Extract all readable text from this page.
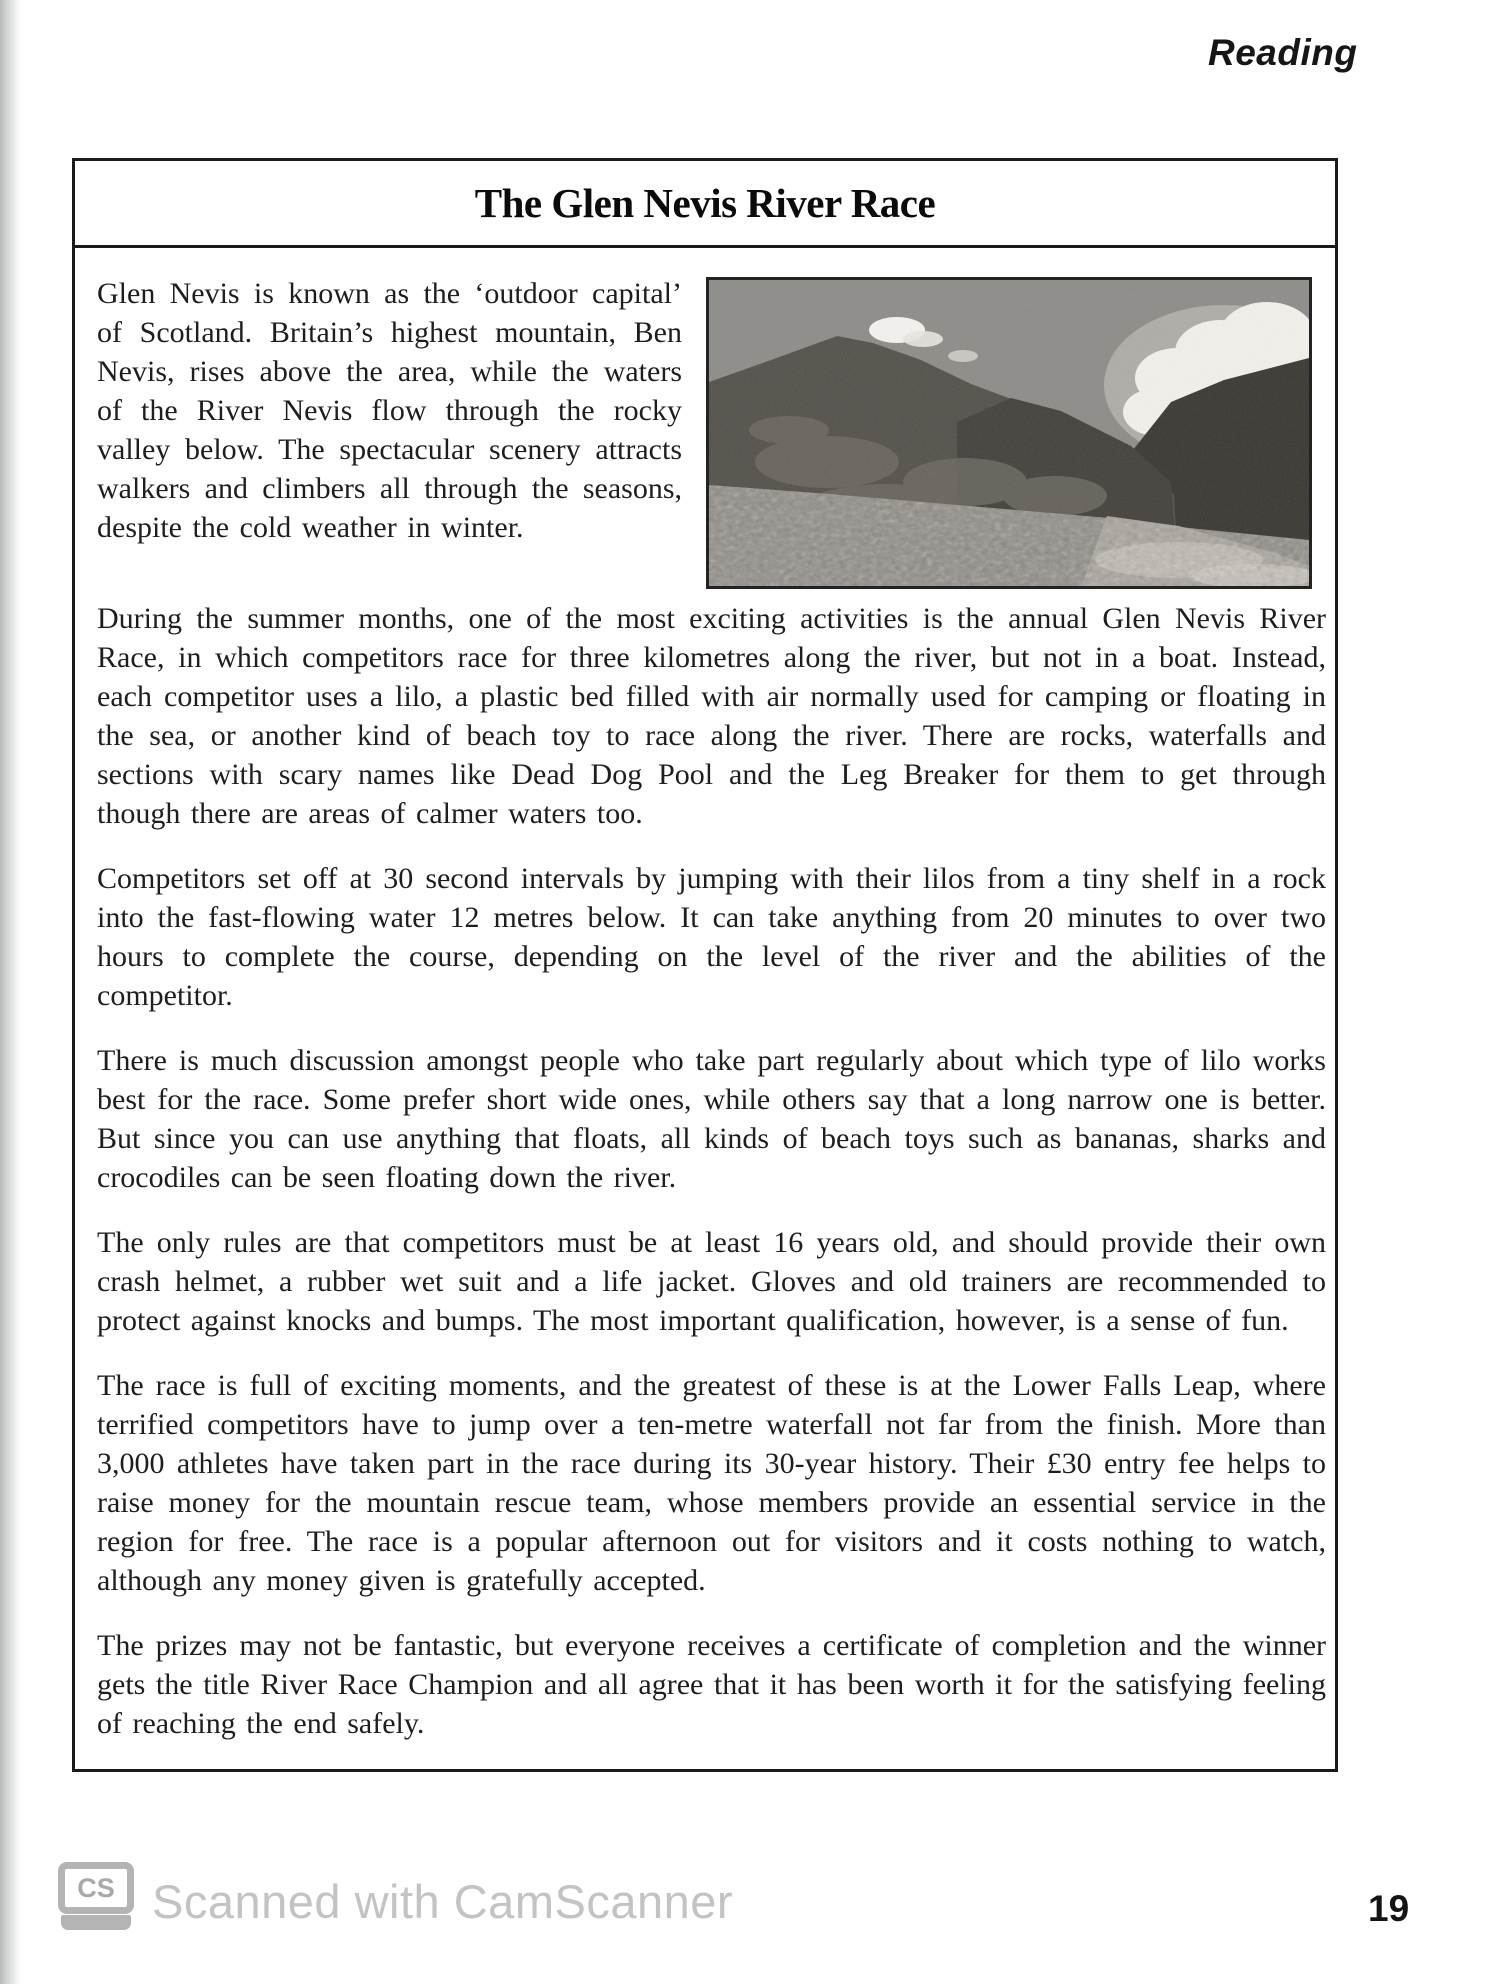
Reading
The Glen Nevis River Race
Glen Nevis is known as the ‘outdoor capital’ of Scotland. Britain’s highest mountain, Ben Nevis, rises above the area, while the waters of the River Nevis flow through the rocky valley below. The spectacular scenery attracts walkers and climbers all through the seasons, despite the cold weather in winter.

During the summer months, one of the most exciting activities is the annual Glen Nevis River Race, in which competitors race for three kilometres along the river, but not in a boat. Instead, each competitor uses a lilo, a plastic bed filled with air normally used for camping or floating in the sea, or another kind of beach toy to race along the river. There are rocks, waterfalls and sections with scary names like Dead Dog Pool and the Leg Breaker for them to get through though there are areas of calmer waters too.

Competitors set off at 30 second intervals by jumping with their lilos from a tiny shelf in a rock into the fast-flowing water 12 metres below. It can take anything from 20 minutes to over two hours to complete the course, depending on the level of the river and the abilities of the competitor.

There is much discussion amongst people who take part regularly about which type of lilo works best for the race. Some prefer short wide ones, while others say that a long narrow one is better. But since you can use anything that floats, all kinds of beach toys such as bananas, sharks and crocodiles can be seen floating down the river.

The only rules are that competitors must be at least 16 years old, and should provide their own crash helmet, a rubber wet suit and a life jacket. Gloves and old trainers are recommended to protect against knocks and bumps. The most important qualification, however, is a sense of fun.

The race is full of exciting moments, and the greatest of these is at the Lower Falls Leap, where terrified competitors have to jump over a ten-metre waterfall not far from the finish. More than 3,000 athletes have taken part in the race during its 30-year history. Their £30 entry fee helps to raise money for the mountain rescue team, whose members provide an essential service in the region for free. The race is a popular afternoon out for visitors and it costs nothing to watch, although any money given is gratefully accepted.

The prizes may not be fantastic, but everyone receives a certificate of completion and the winner gets the title River Race Champion and all agree that it has been worth it for the satisfying feeling of reaching the end safely.

CS Scanned with CamScanner	19
